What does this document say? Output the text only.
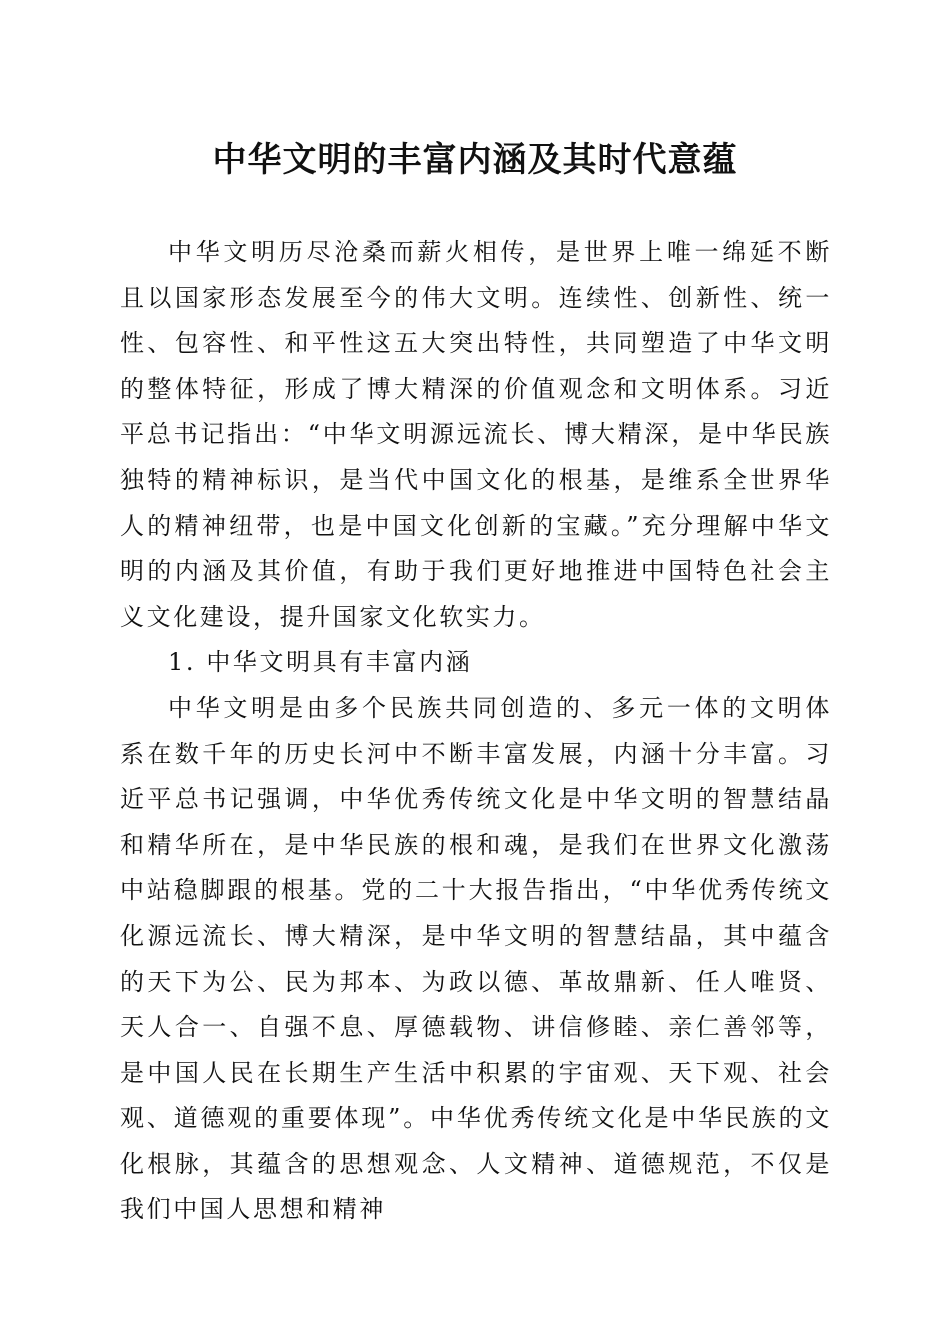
中华文明的丰富内涵及其时代意蕴

中华文明历尽沧桑而薪火相传，是世界上唯一绵延不断且以国家形态发展至今的伟大文明。连续性、创新性、统一性、包容性、和平性这五大突出特性，共同塑造了中华文明的整体特征，形成了博大精深的价值观念和文明体系。习近平总书记指出：“中华文明源远流长、博大精深，是中华民族独特的精神标识，是当代中国文化的根基，是维系全世界华人的精神纽带，也是中国文化创新的宝藏。”充分理解中华文明的内涵及其价值，有助于我们更好地推进中国特色社会主义文化建设，提升国家文化软实力。

1. 中华文明具有丰富内涵

中华文明是由多个民族共同创造的、多元一体的文明体系在数千年的历史长河中不断丰富发展，内涵十分丰富。习近平总书记强调，中华优秀传统文化是中华文明的智慧结晶和精华所在，是中华民族的根和魂，是我们在世界文化激荡中站稳脚跟的根基。党的二十大报告指出，“中华优秀传统文化源远流长、博大精深，是中华文明的智慧结晶，其中蕴含的天下为公、民为邦本、为政以德、革故鼎新、任人唯贤、天人合一、自强不息、厚德载物、讲信修睦、亲仁善邻等，是中国人民在长期生产生活中积累的宇宙观、天下观、社会观、道德观的重要体现”。中华优秀传统文化是中华民族的文化根脉，其蕴含的思想观念、人文精神、道德规范，不仅是我们中国人思想和精神
